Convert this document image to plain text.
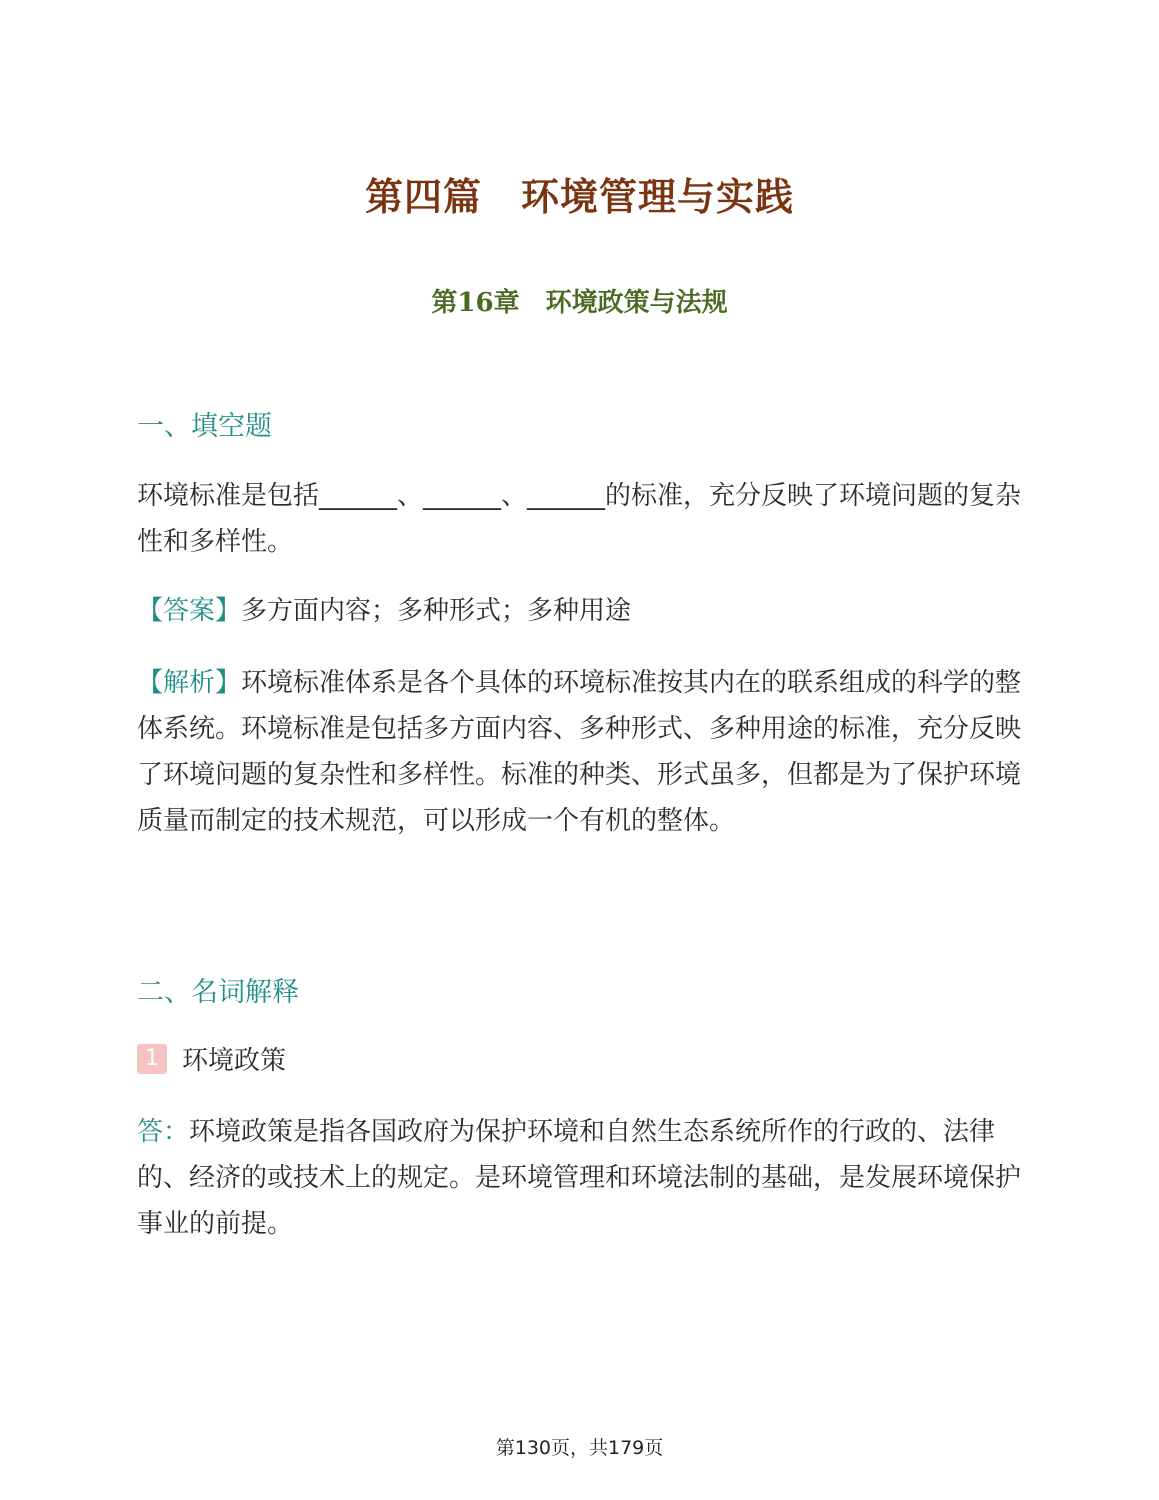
第四篇　环境管理与实践
第16章　环境政策与法规
一、填空题
环境标准是包括______、______、______的标准，充分反映了环境问题的复杂性和多样性。
【答案】多方面内容；多种形式；多种用途
【解析】环境标准体系是各个具体的环境标准按其内在的联系组成的科学的整体系统。环境标准是包括多方面内容、多种形式、多种用途的标准，充分反映了环境问题的复杂性和多样性。标准的种类、形式虽多，但都是为了保护环境质量而制定的技术规范，可以形成一个有机的整体。
二、名词解释
1 环境政策
答：环境政策是指各国政府为保护环境和自然生态系统所作的行政的、法律的、经济的或技术上的规定。是环境管理和环境法制的基础，是发展环境保护事业的前提。
第130页，共179页
